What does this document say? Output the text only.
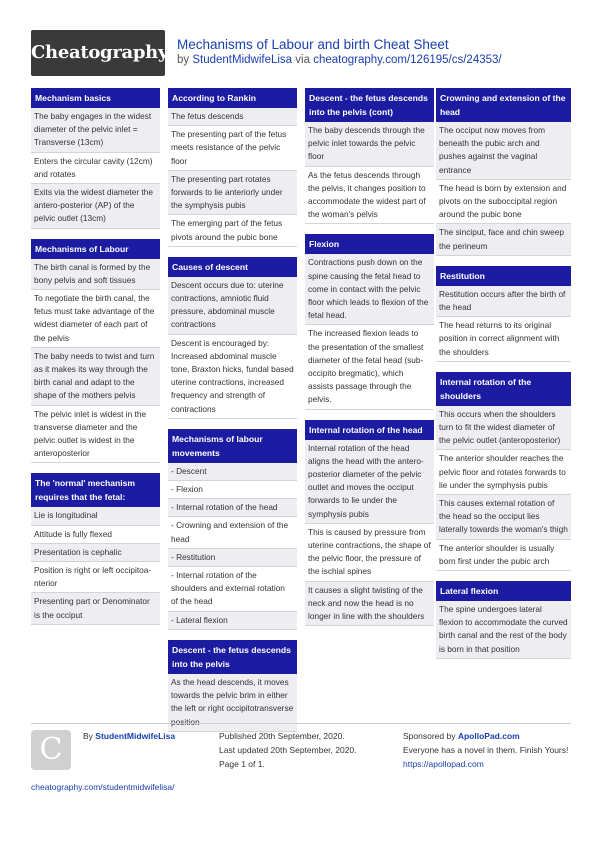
Cheatography Mechanisms of Labour and birth Cheat Sheet
by StudentMidwifeLisa via cheatography.com/126195/cs/24353/
Mechanism basics
The baby engages in the widest diameter of the pelvic inlet = Transverse (13cm)
Enters the circular cavity (12cm) and rotates
Exits via the widest diameter the antero-posterior (AP) of the pelvic outlet (13cm)
Mechanisms of Labour
The birth canal is formed by the bony pelvis and soft tissues
To negotiate the birth canal, the fetus must take advantage of the widest diameter of each part of the pelvis
The baby needs to twist and turn as it makes its way through the birth canal and adapt to the shape of the mothers pelvis
The pelvic inlet is widest in the transverse diameter and the pelvic outlet is widest in the anteroposterior
The 'normal' mechanism requires that the fetal:
Lie is longitudinal
Attitude is fully flexed
Presentation is cephalic
Position is right or left occipitoanterior
Presenting part or Denominator is the occiput
According to Rankin
The fetus descends
The presenting part of the fetus meets resistance of the pelvic floor
The presenting part rotates forwards to lie anteriorly under the symphysis pubis
The emerging part of the fetus pivots around the pubic bone
Causes of descent
Descent occurs due to: uterine contractions, amniotic fluid pressure, abdominal muscle contractions
Descent is encouraged by: Increased abdominal muscle tone, Braxton hicks, fundal based uterine contractions, increased frequency and strength of contractions
Mechanisms of labour movements
- Descent
- Flexion
- Internal rotation of the head
- Crowning and extension of the head
- Restitution
- Internal rotation of the shoulders and external rotation of the head
- Lateral flexion
Descent - the fetus descends into the pelvis
As the head descends, it moves towards the pelvic brim in either the left or right occipitotransverse position
Descent - the fetus descends into the pelvis (cont)
The baby descends through the pelvic inlet towards the pelvic floor
As the fetus descends through the pelvis, it changes position to accommodate the widest part of the woman's pelvis
Flexion
Contractions push down on the spine causing the fetal head to come in contact with the pelvic floor which leads to flexion of the fetal head.
The increased flexion leads to the presentation of the smallest diameter of the fetal head (sub-occipito bregmatic), which assists passage through the pelvis.
Internal rotation of the head
Internal rotation of the head aligns the head with the antero-posterior diameter of the pelvic outlet and moves the occiput forwards to lie under the symphysis pubis
This is caused by pressure from uterine contractions, the shape of the pelvic floor, the pressure of the ischial spines
It causes a slight twisting of the neck and now the head is no longer in line with the shoulders
Crowning and extension of the head
The occiput now moves from beneath the pubic arch and pushes against the vaginal entrance
The head is born by extension and pivots on the suboccipital region around the pubic bone
The sinciput, face and chin sweep the perineum
Restitution
Restitution occurs after the birth of the head
The head returns to its original position in correct alignment with the shoulders
Internal rotation of the shoulders
This occurs when the shoulders turn to fit the widest diameter of the pelvic outlet (anteroposterior)
The anterior shoulder reaches the pelvic floor and rotates forwards to lie under the symphysis pubis
This causes external rotation of the head so the occiput lies laterally towards the woman's thigh
The anterior shoulder is usually born first under the pubic arch
Lateral flexion
The spine undergoes lateral flexion to accommodate the curved birth canal and the rest of the body is born in that position
C	By StudentMidwifeLisa
cheatography.com/studentmidwifelisa/
Published 20th September, 2020.
Last updated 20th September, 2020.
Page 1 of 1.
Sponsored by ApolloPad.com
Everyone has a novel in them. Finish Yours!
https://apollopad.com
